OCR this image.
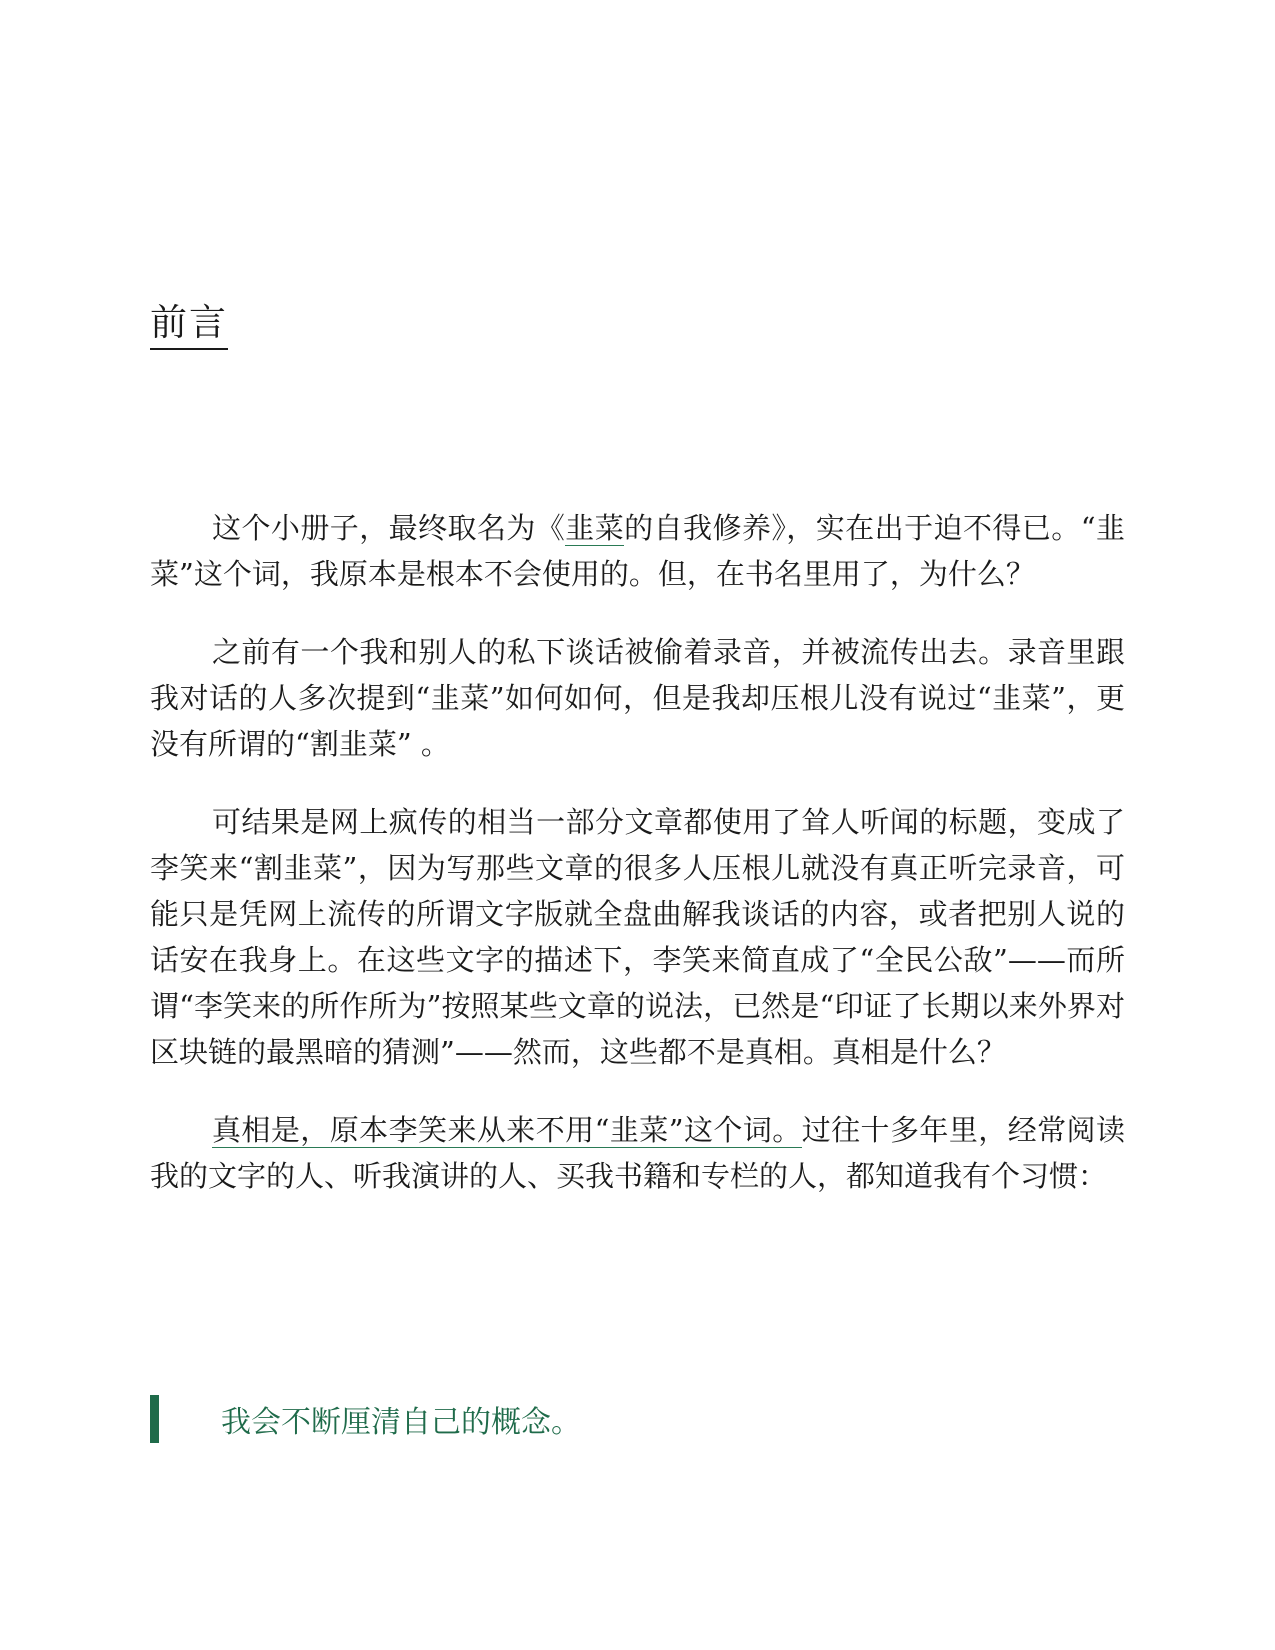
前言

这个小册子，最终取名为《韭菜的自我修养》，实在出于迫不得已。“韭菜”这个词，我原本是根本不会使用的。但，在书名里用了，为什么？

之前有一个我和别人的私下谈话被偷着录音，并被流传出去。录音里跟我对话的人多次提到“韭菜”如何如何，但是我却压根儿没有说过“韭菜”，更没有所谓的“割韭菜” 。

可结果是网上疯传的相当一部分文章都使用了耸人听闻的标题，变成了李笑来“割韭菜”，因为写那些文章的很多人压根儿就没有真正听完录音，可能只是凭网上流传的所谓文字版就全盘曲解我谈话的内容，或者把别人说的话安在我身上。在这些文字的描述下，李笑来简直成了“全民公敌”——而所谓“李笑来的所作所为”按照某些文章的说法，已然是“印证了长期以来外界对区块链的最黑暗的猜测”——然而，这些都不是真相。真相是什么？

真相是，原本李笑来从来不用“韭菜”这个词。过往十多年里，经常阅读我的文字的人、听我演讲的人、买我书籍和专栏的人，都知道我有个习惯：

我会不断厘清自己的概念。
